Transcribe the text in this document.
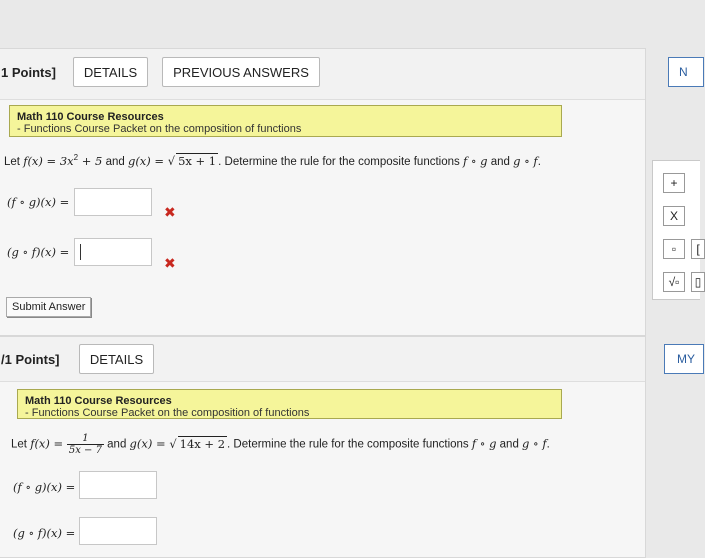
1 Points]	DETAILS	PREVIOUS ANSWERS
Math 110 Course Resources
- Functions Course Packet on the composition of functions
Let $f(x) = 3x^2 + 5$ and g(x) = √ 5x + 1 . Determine the rule for the composite functions f ∘ g and g ∘ f.
(f ∘ g)(x) =
✖
(g ∘ f)(x) =
✖
Submit Answer
+
X
▫	[
√▫	▯
N
/1 Points]	DETAILS
Math 110 Course Resources
- Functions Course Packet on the composition of functions
Let $f(x) = \frac{1}{5x - 7}$ and g(x) = √ 14x + 2 . Determine the rule for the composite functions f ∘ g and g ∘ f.
(f ∘ g)(x) =
(g ∘ f)(x) =
MY
